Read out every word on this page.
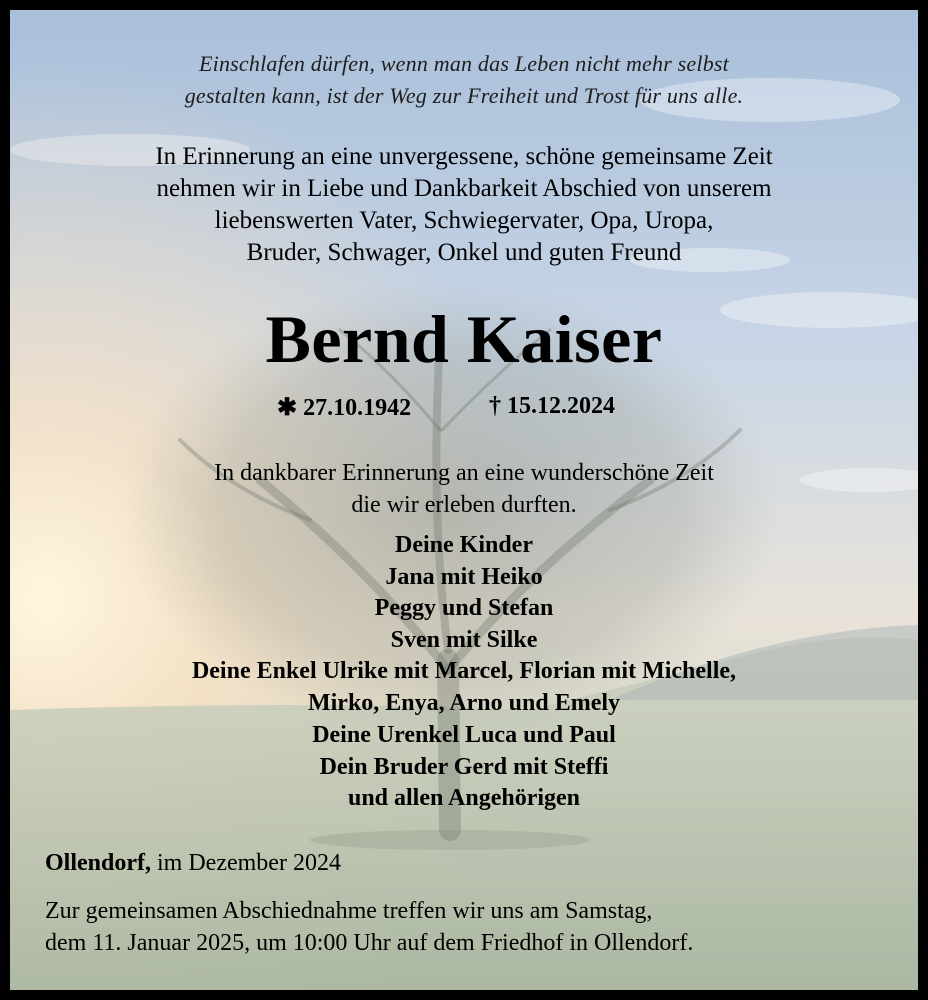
Einschlafen dürfen, wenn man das Leben nicht mehr selbst
gestalten kann, ist der Weg zur Freiheit und Trost für uns alle.
In Erinnerung an eine unvergessene, schöne gemeinsame Zeit
nehmen wir in Liebe und Dankbarkeit Abschied von unserem
liebenswerten Vater, Schwiegervater, Opa, Uropa,
Bruder, Schwager, Onkel und guten Freund
Bernd Kaiser
✱ 27.10.1942	† 15.12.2024
In dankbarer Erinnerung an eine wunderschöne Zeit
die wir erleben durften.
Deine Kinder
Jana mit Heiko
Peggy und Stefan
Sven mit Silke
Deine Enkel Ulrike mit Marcel, Florian mit Michelle,
Mirko, Enya, Arno und Emely
Deine Urenkel Luca und Paul
Dein Bruder Gerd mit Steffi
und allen Angehörigen
Ollendorf, im Dezember 2024
Zur gemeinsamen Abschiednahme treffen wir uns am Samstag,
dem 11. Januar 2025, um 10:00 Uhr auf dem Friedhof in Ollendorf.
